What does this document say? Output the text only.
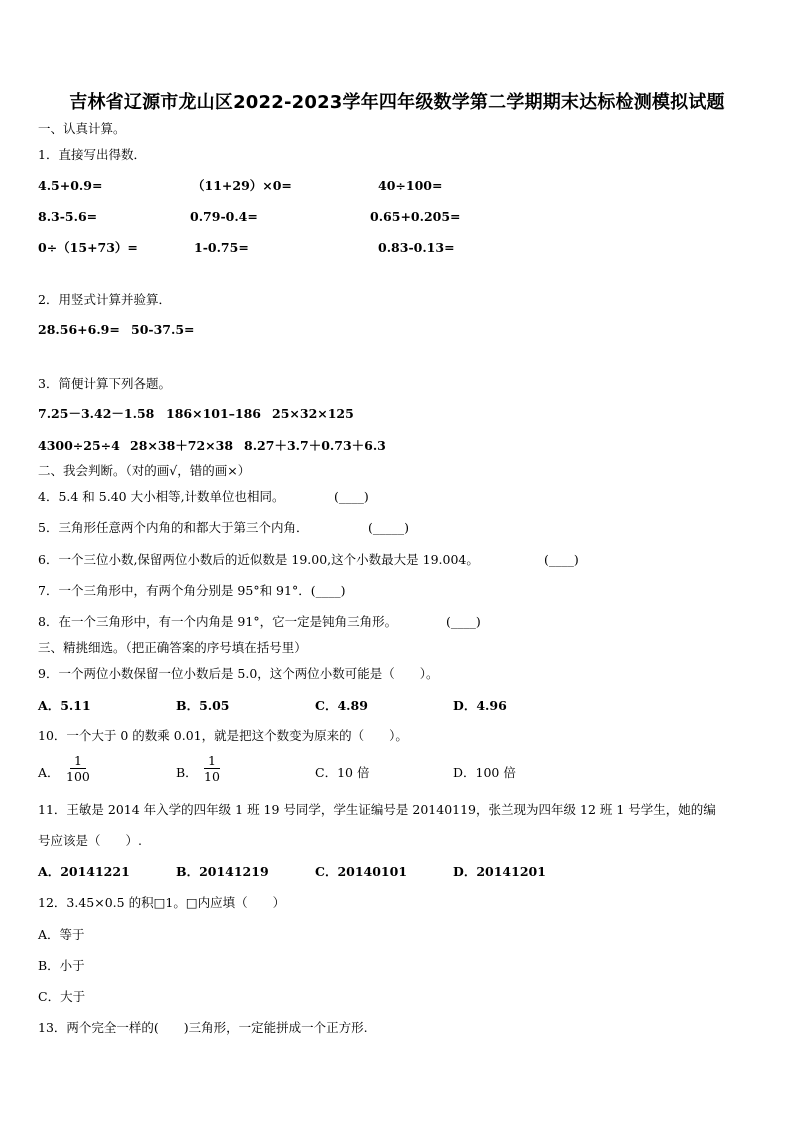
吉林省辽源市龙山区2022-2023学年四年级数学第二学期期末达标检测模拟试题
一、认真计算。
1．直接写出得数．
4.5+0.9=	（11+29）×0=	40÷100=
8.3-5.6=	0.79-0.4=	0.65+0.205=
0÷（15+73）=	1-0.75=	0.83-0.13=
2．用竖式计算并验算．
28.56+6.9= 50-37.5=
3．简便计算下列各题。
7.25－3.42－1.58 186×101–186 25×32×125
4300÷25÷4 28×38＋72×38 8.27＋3.7＋0.73＋6.3
二、我会判断。（对的画√，错的画×）
4．5.4 和 5.40 大小相等,计数单位也相同。	(____)
5．三角形任意两个内角的和都大于第三个内角．	(_____)
6．一个三位小数,保留两位小数后的近似数是 19.00,这个小数最大是 19.004。	(____)
7．一个三角形中，有两个角分别是 95°和 91°．(____)
8．在一个三角形中，有一个内角是 91°，它一定是钝角三角形。	(____)
三、精挑细选。（把正确答案的序号填在括号里）
9．一个两位小数保留一位小数后是 5.0，这个两位小数可能是（　　）。
A．5.11	B．5.05	C．4.89	D．4.96
10．一个大于 0 的数乘 0.01，就是把这个数变为原来的（　　）。
A． $\frac{1}{100}$	B． $\frac{1}{10}$	C．10 倍	D．100 倍
11．王敏是 2014 年入学的四年级 1 班 19 号同学，学生证编号是 20140119，张兰现为四年级 12 班 1 号学生，她的编
号应该是（　　）.
A．20141221	B．20141219	C．20140101	D．20141201
12．3.45×0.5 的积□1。□内应填（　　）
A．等于
B．小于
C．大于
13．两个完全一样的(　　)三角形，一定能拼成一个正方形.
